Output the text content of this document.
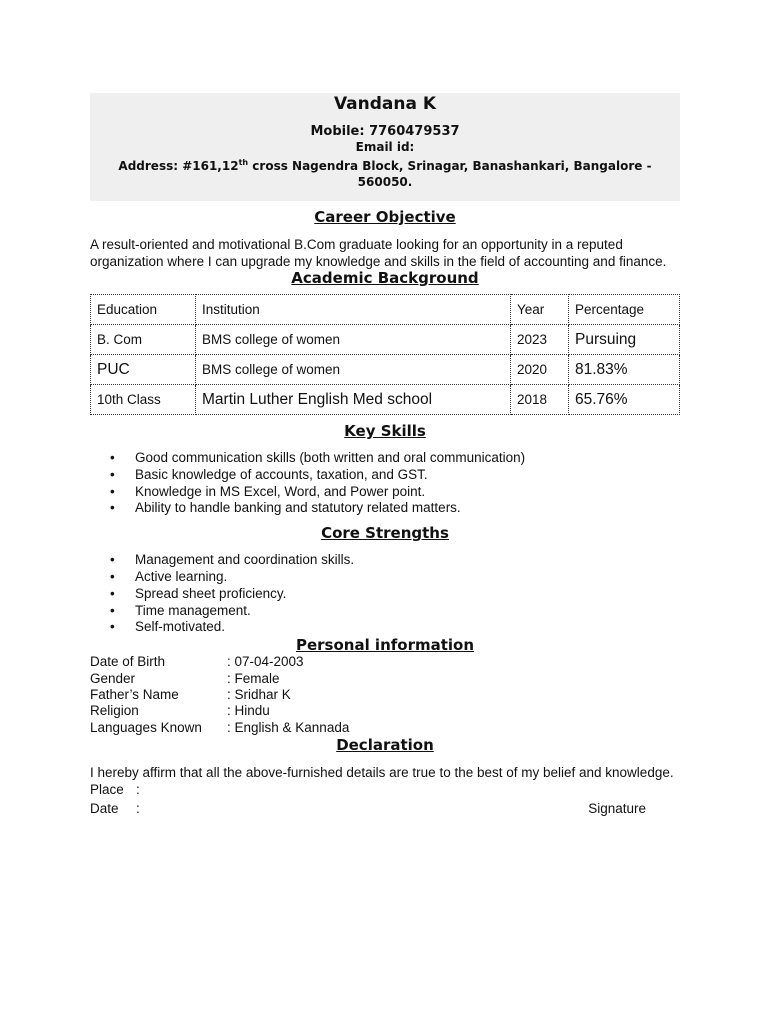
Vandana K
Mobile: 7760479537
Email id:
Address: #161,12th cross Nagendra Block, Srinagar, Banashankari, Bangalore - 560050.
Career Objective
A result-oriented and motivational B.Com graduate looking for an opportunity in a reputed organization where I can upgrade my knowledge and skills in the field of accounting and finance.
Academic Background
Education	Institution	Year	Percentage
B. Com	BMS college of women	2023	Pursuing
PUC	BMS college of women	2020	81.83%
10th Class	Martin Luther English Med school	2018	65.76%
Key Skills
• Good communication skills (both written and oral communication)
• Basic knowledge of accounts, taxation, and GST.
• Knowledge in MS Excel, Word, and Power point.
• Ability to handle banking and statutory related matters.
Core Strengths
• Management and coordination skills.
• Active learning.
• Spread sheet proficiency.
• Time management.
• Self-motivated.
Personal information
Date of Birth	: 07-04-2003
Gender	: Female
Father’s Name	: Sridhar K
Religion	: Hindu
Languages Known	: English & Kannada
Declaration
I hereby affirm that all the above-furnished details are true to the best of my belief and knowledge.
Place :
Date	:	Signature
